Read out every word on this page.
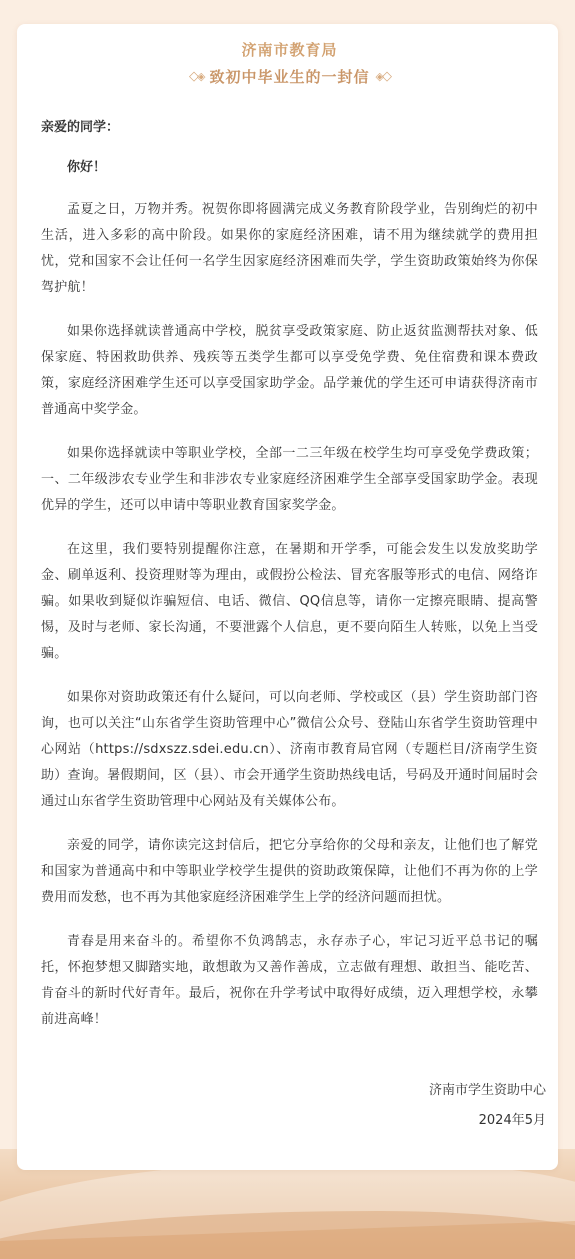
济南市教育局
◇ ◈ 致初中毕业生的一封信 ◈ ◇

亲爱的同学：

你好！

孟夏之日，万物并秀。祝贺你即将圆满完成义务教育阶段学业，告别绚烂的初中生活，进入多彩的高中阶段。如果你的家庭经济困难，请不用为继续就学的费用担忧，党和国家不会让任何一名学生因家庭经济困难而失学，学生资助政策始终为你保驾护航！

如果你选择就读普通高中学校，脱贫享受政策家庭、防止返贫监测帮扶对象、低保家庭、特困救助供养、残疾等五类学生都可以享受免学费、免住宿费和课本费政策，家庭经济困难学生还可以享受国家助学金。品学兼优的学生还可申请获得济南市普通高中奖学金。

如果你选择就读中等职业学校，全部一二三年级在校学生均可享受免学费政策；一、二年级涉农专业学生和非涉农专业家庭经济困难学生全部享受国家助学金。表现优异的学生，还可以申请中等职业教育国家奖学金。

在这里，我们要特别提醒你注意，在暑期和开学季，可能会发生以发放奖助学金、刷单返利、投资理财等为理由，或假扮公检法、冒充客服等形式的电信、网络诈骗。如果收到疑似诈骗短信、电话、微信、QQ信息等，请你一定擦亮眼睛、提高警惕，及时与老师、家长沟通，不要泄露个人信息，更不要向陌生人转账，以免上当受骗。

如果你对资助政策还有什么疑问，可以向老师、学校或区（县）学生资助部门咨询，也可以关注“山东省学生资助管理中心”微信公众号、登陆山东省学生资助管理中心网站（https://sdxszz.sdei.edu.cn）、济南市教育局官网（专题栏目/济南学生资助）查询。暑假期间，区（县）、市会开通学生资助热线电话，号码及开通时间届时会通过山东省学生资助管理中心网站及有关媒体公布。

亲爱的同学，请你读完这封信后，把它分享给你的父母和亲友，让他们也了解党和国家为普通高中和中等职业学校学生提供的资助政策保障，让他们不再为你的上学费用而发愁，也不再为其他家庭经济困难学生上学的经济问题而担忧。

青春是用来奋斗的。希望你不负鸿鹄志，永存赤子心，牢记习近平总书记的嘱托，怀抱梦想又脚踏实地，敢想敢为又善作善成，立志做有理想、敢担当、能吃苦、肯奋斗的新时代好青年。最后，祝你在升学考试中取得好成绩，迈入理想学校，永攀前进高峰！

济南市学生资助中心
2024年5月
